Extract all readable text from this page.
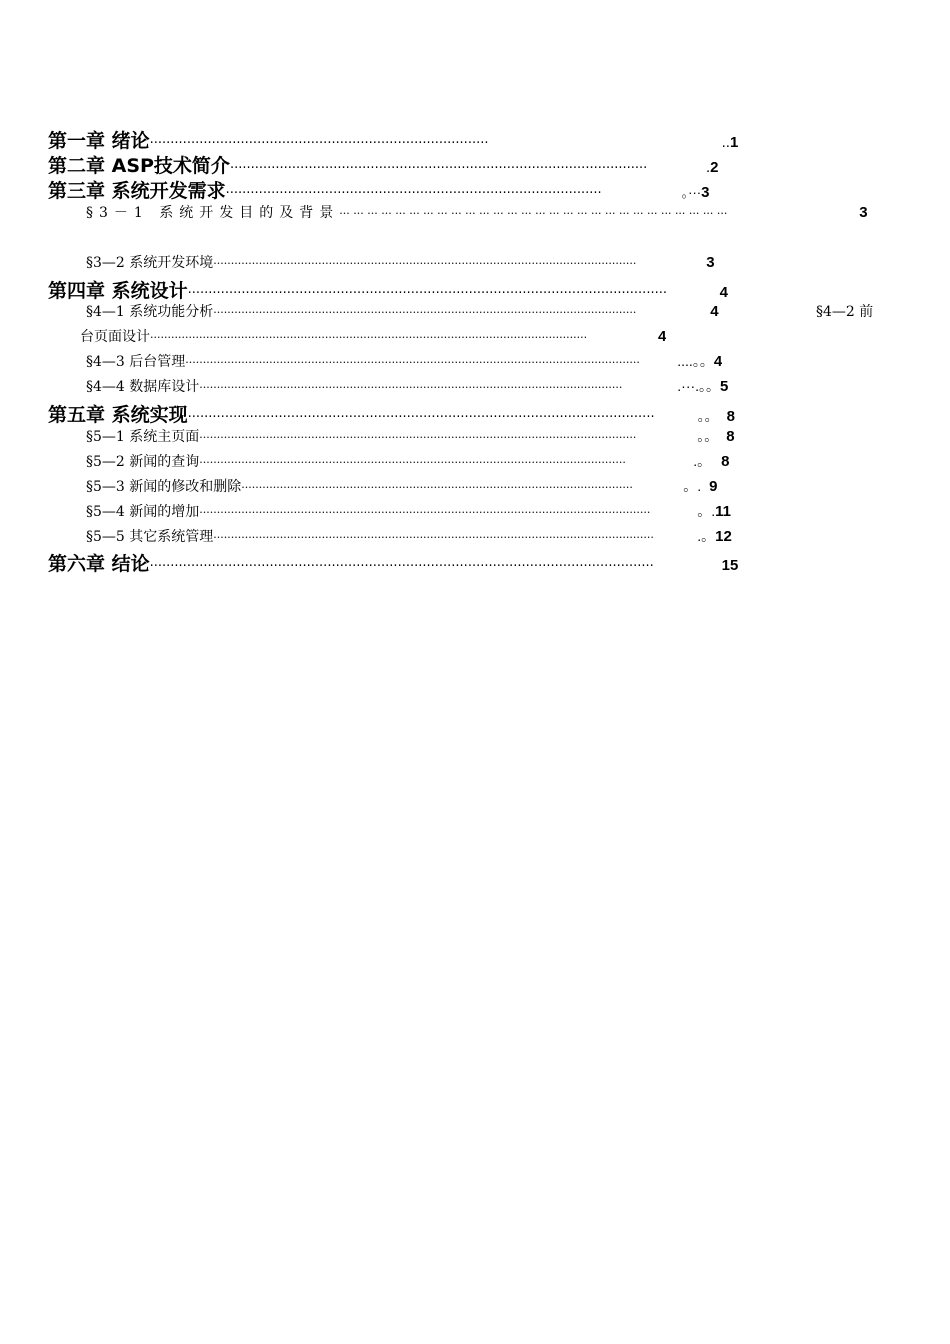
第一章 绪论 ··················································································	.. 1
第二章 ASP技术简介 ·····································································································	. 2
第三章 系统开发需求 ···························································································	。··· 3
§3－1 系统开发目的及背景 ··· ··· ··· ··· ··· ··· ··· ··· ··· ··· ··· ··· ··· ··· ··· ··· ··· ··· ··· ··· ··· ··· ··· ··· ··· ··· ··· ···	3
§3—2 系统开发环境 ·························································································································	3
第四章 系统设计 ····················································································································	4
§4—1 系统功能分析 ·························································································································	4	§4—2 前
台页面设计 ·····························································································································	4
§4—3 后台管理 ··································································································································	....。。 4
§4—4 数据库设计 ·························································································································	.···.。。 5
第五章 系统实现 ·················································································································	。。 8
§5—1 系统主页面 ·····························································································································	。。 8
§5—2 新闻的查询 ··························································································································	.。 8
§5—3 新闻的修改和删除 ················································································································	。. 9
§5—4 新闻的增加 ·································································································································	。. 11
§5—5 其它系统管理 ······························································································································	.。 12
第六章 结论 ··························································································································	15
